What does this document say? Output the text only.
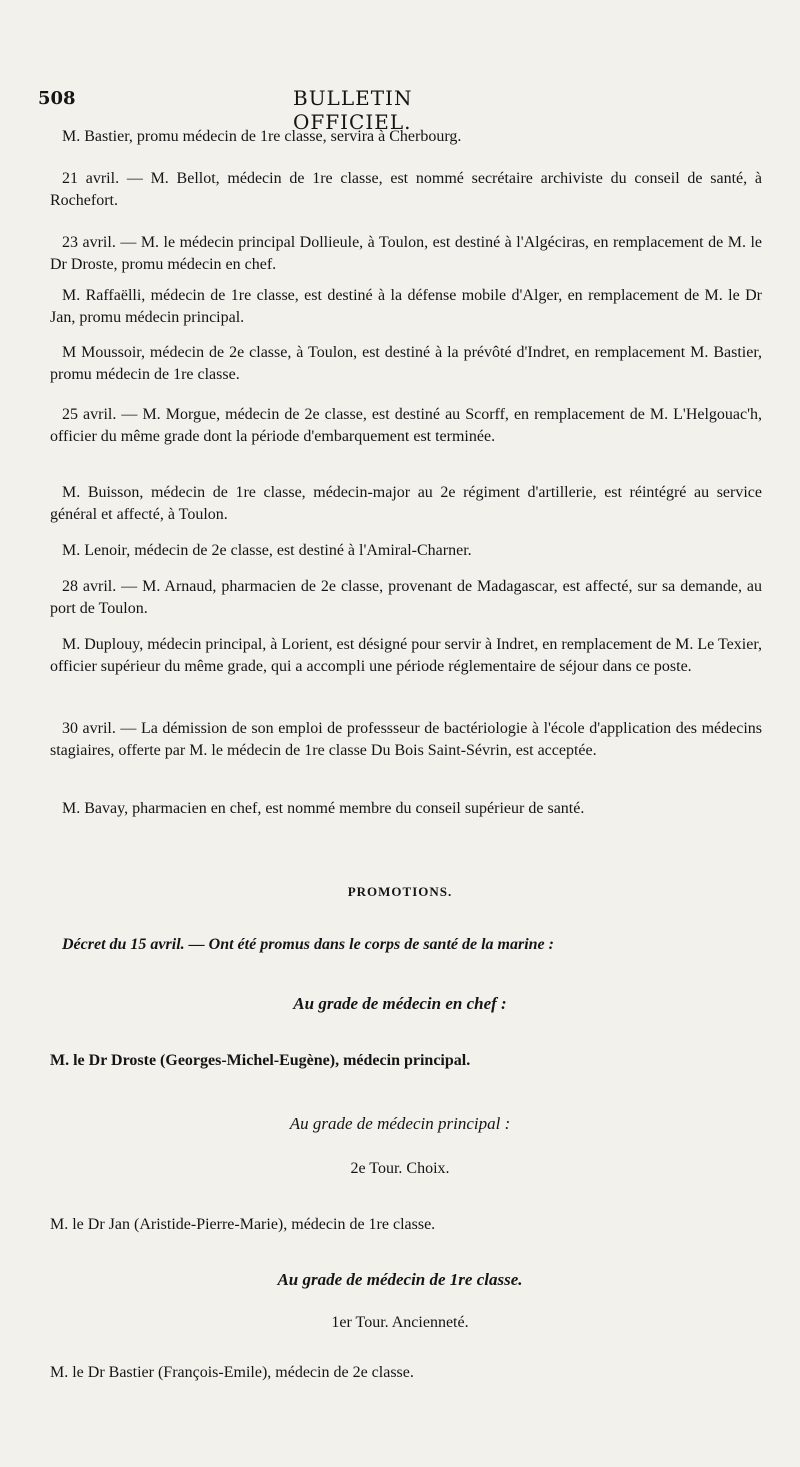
508	BULLETIN OFFICIEL.
M. Bastier, promu médecin de 1re classe, servira à Cherbourg.
21 avril. — M. Bellot, médecin de 1re classe, est nommé secrétaire archiviste du conseil de santé, à Rochefort.
23 avril. — M. le médecin principal Dollieule, à Toulon, est destiné à l'Algéciras, en remplacement de M. le Dr Droste, promu médecin en chef.
M. Raffaëlli, médecin de 1re classe, est destiné à la défense mobile d'Alger, en remplacement de M. le Dr Jan, promu médecin principal.
M Moussoir, médecin de 2e classe, à Toulon, est destiné à la prévôté d'Indret, en remplacement M. Bastier, promu médecin de 1re classe.
25 avril. — M. Morgue, médecin de 2e classe, est destiné au Scorff, en remplacement de M. L'Helgouac'h, officier du même grade dont la période d'embarquement est terminée.
M. Buisson, médecin de 1re classe, médecin-major au 2e régiment d'artillerie, est réintégré au service général et affecté, à Toulon.
M. Lenoir, médecin de 2e classe, est destiné à l'Amiral-Charner.
28 avril. — M. Arnaud, pharmacien de 2e classe, provenant de Madagascar, est affecté, sur sa demande, au port de Toulon.
M. Duplouy, médecin principal, à Lorient, est désigné pour servir à Indret, en remplacement de M. Le Texier, officier supérieur du même grade, qui a accompli une période réglementaire de séjour dans ce poste.
30 avril. — La démission de son emploi de professseur de bactériologie à l'école d'application des médecins stagiaires, offerte par M. le médecin de 1re classe Du Bois Saint-Sévrin, est acceptée.
M. Bavay, pharmacien en chef, est nommé membre du conseil supérieur de santé.
PROMOTIONS.
Décret du 15 avril. — Ont été promus dans le corps de santé de la marine :
Au grade de médecin en chef :
M. le Dr Droste (Georges-Michel-Eugène), médecin principal.
Au grade de médecin principal :
2e Tour. Choix.
M. le Dr Jan (Aristide-Pierre-Marie), médecin de 1re classe.
Au grade de médecin de 1re classe.
1er Tour. Ancienneté.
M. le Dr Bastier (François-Emile), médecin de 2e classe.
